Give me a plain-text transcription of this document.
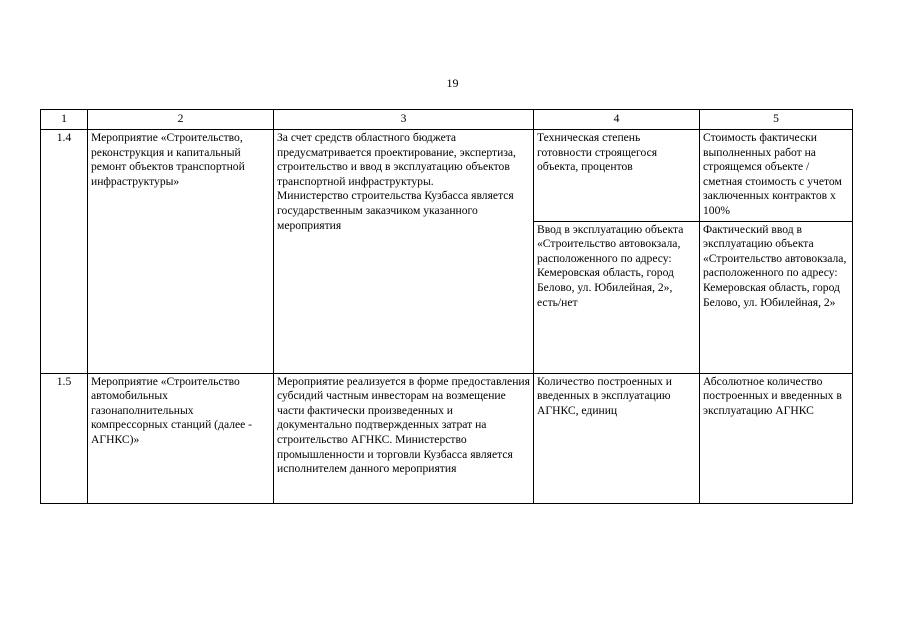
19
1	2	3	4	5
1.4	Мероприятие «Строительство, реконструкция и капитальный ремонт объектов транспортной инфраструктуры»	За счет средств областного бюджета предусматривается проектирование, экспертиза, строительство и ввод в эксплуатацию объектов транспортной инфраструктуры.
Министерство строительства Кузбасса является государственным заказчиком указанного мероприятия	Техническая степень готовности строящегося объекта, процентов	Стоимость фактически выполненных работ на строящемся объекте / сметная стоимость с учетом заключенных контрактов х 100%
			Ввод в эксплуатацию объекта «Строительство автовокзала, расположенного по адресу: Кемеровская область, город Белово, ул. Юбилейная, 2», есть/нет	Фактический ввод в эксплуатацию объекта «Строительство автовокзала, расположенного по адресу: Кемеровская область, город Белово, ул. Юбилейная, 2»
1.5	Мероприятие «Строительство автомобильных газонаполнительных компрессорных станций (далее - АГНКС)»	Мероприятие реализуется в форме предоставления субсидий частным инвесторам на возмещение части фактически произведенных и документально подтвержденных затрат на строительство АГНКС. Министерство промышленности и торговли Кузбасса является исполнителем данного мероприятия	Количество построенных и введенных в эксплуатацию АГНКС, единиц	Абсолютное количество построенных и введенных в эксплуатацию АГНКС
